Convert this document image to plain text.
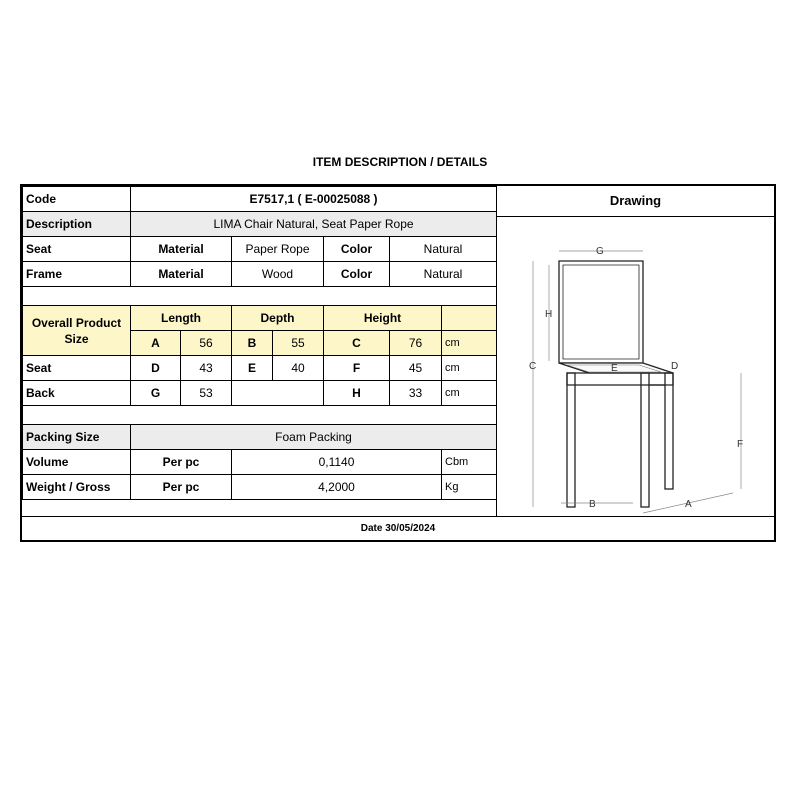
ITEM DESCRIPTION / DETAILS
Code	E7517,1 ( E-00025088 )						
Description	LIMA Chair Natural, Seat Paper Rope						
Seat	Material		Paper Rope		Color	Natural	
Frame	Material		Wood		Color	Natural	

Overall Product Size	Length		Depth		Height		
	A	56	B	55	C	76	cm
Seat	D	43	E	40	F	45	cm
Back	G	53			H	33	cm

Packing Size	Foam Packing						
Volume	Per pc		0,1140				Cbm
Weight / Gross	Per pc		4,2000				Kg
Drawing
G
H
C	E	D
F
B	A
Date 30/05/2024
